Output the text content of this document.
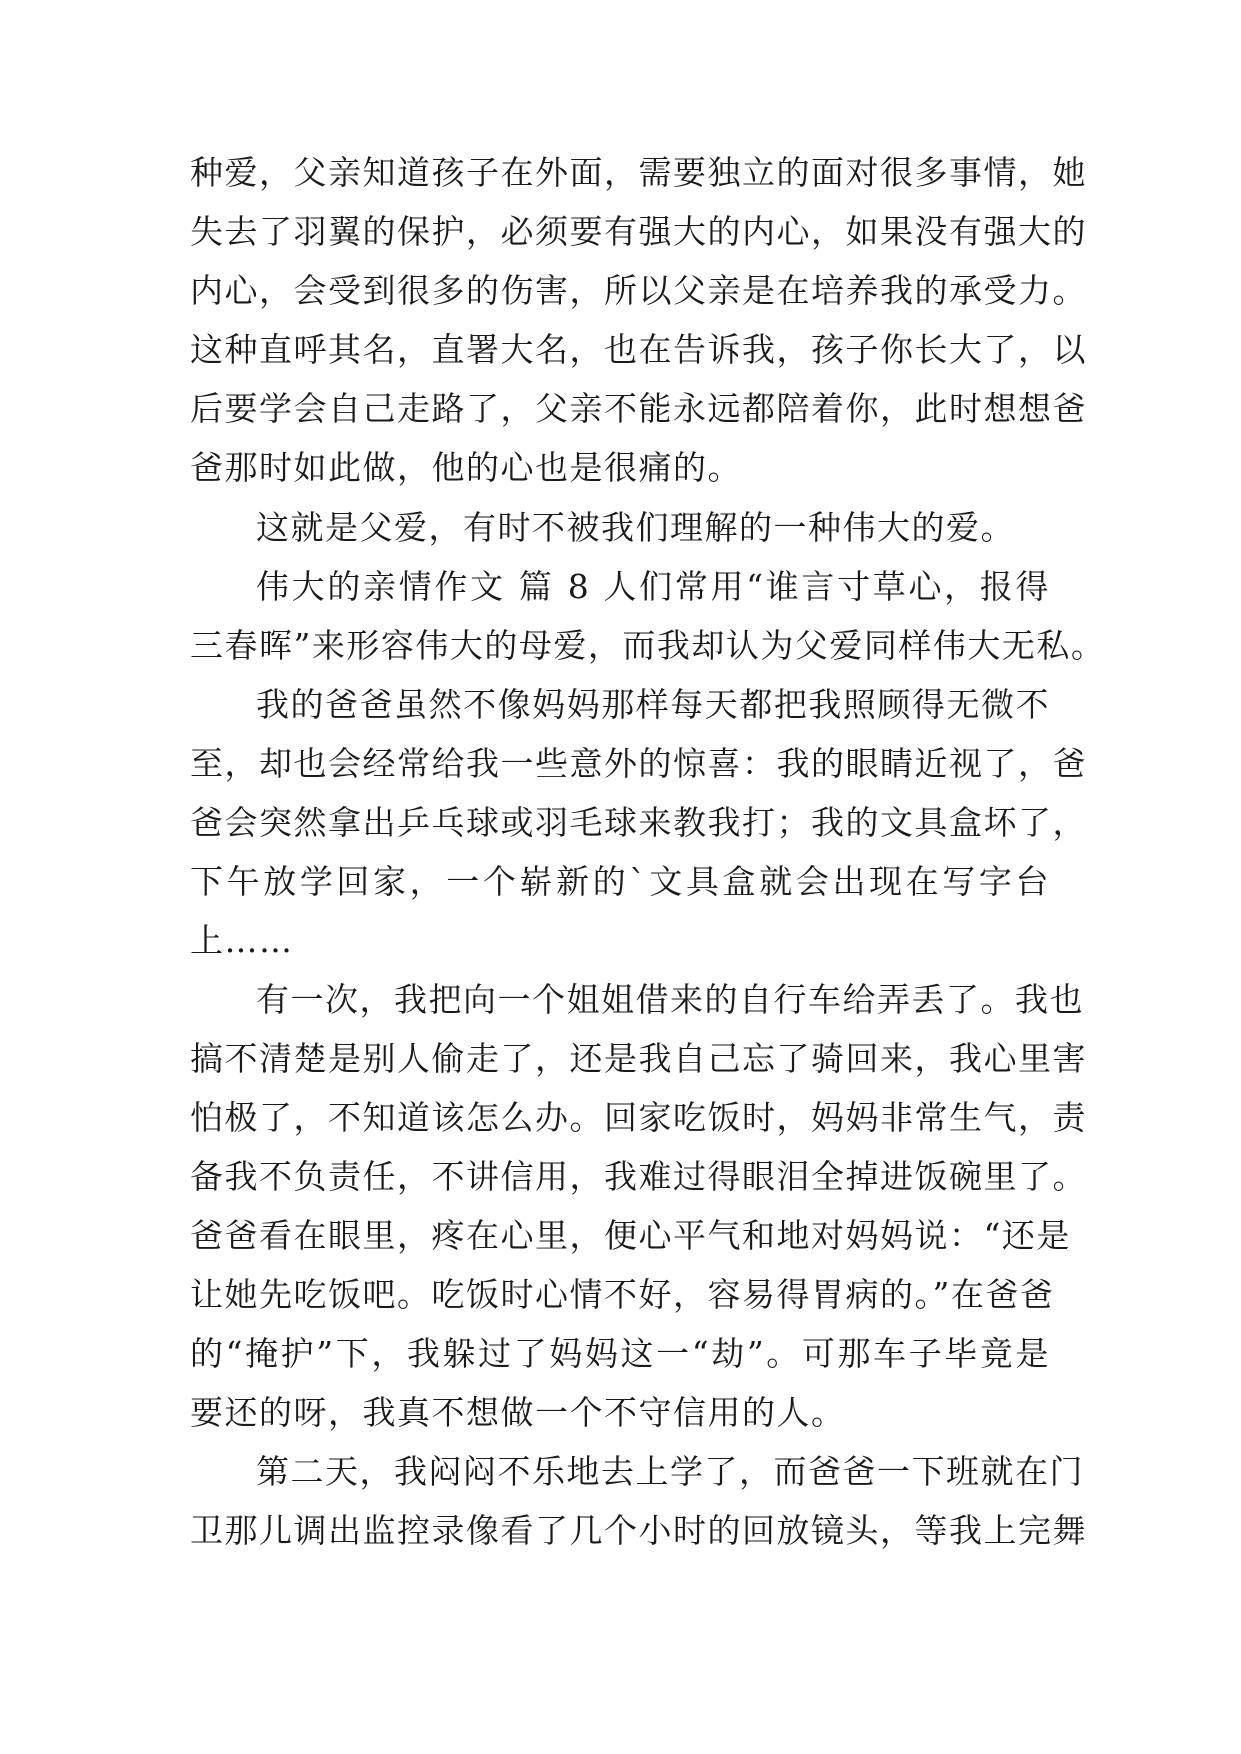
种爱，父亲知道孩子在外面，需要独立的面对很多事情，她
失去了羽翼的保护，必须要有强大的内心，如果没有强大的
内心，会受到很多的伤害，所以父亲是在培养我的承受力。
这种直呼其名，直署大名，也在告诉我，孩子你长大了，以
后要学会自己走路了，父亲不能永远都陪着你，此时想想爸
爸那时如此做，他的心也是很痛的。
这就是父爱，有时不被我们理解的一种伟大的爱。
伟大的亲情作文 篇 8 人们常用“谁言寸草心，报得
三春晖”来形容伟大的母爱，而我却认为父爱同样伟大无私。
我的爸爸虽然不像妈妈那样每天都把我照顾得无微不
至，却也会经常给我一些意外的惊喜：我的眼睛近视了，爸
爸会突然拿出乒乓球或羽毛球来教我打；我的文具盒坏了，
下午放学回家，一个崭新的`文具盒就会出现在写字台
上……
有一次，我把向一个姐姐借来的自行车给弄丢了。我也
搞不清楚是别人偷走了，还是我自己忘了骑回来，我心里害
怕极了，不知道该怎么办。回家吃饭时，妈妈非常生气，责
备我不负责任，不讲信用，我难过得眼泪全掉进饭碗里了。
爸爸看在眼里，疼在心里，便心平气和地对妈妈说：“还是
让她先吃饭吧。吃饭时心情不好，容易得胃病的。”在爸爸
的“掩护”下，我躲过了妈妈这一“劫”。可那车子毕竟是
要还的呀，我真不想做一个不守信用的人。
第二天，我闷闷不乐地去上学了，而爸爸一下班就在门
卫那儿调出监控录像看了几个小时的回放镜头，等我上完舞
